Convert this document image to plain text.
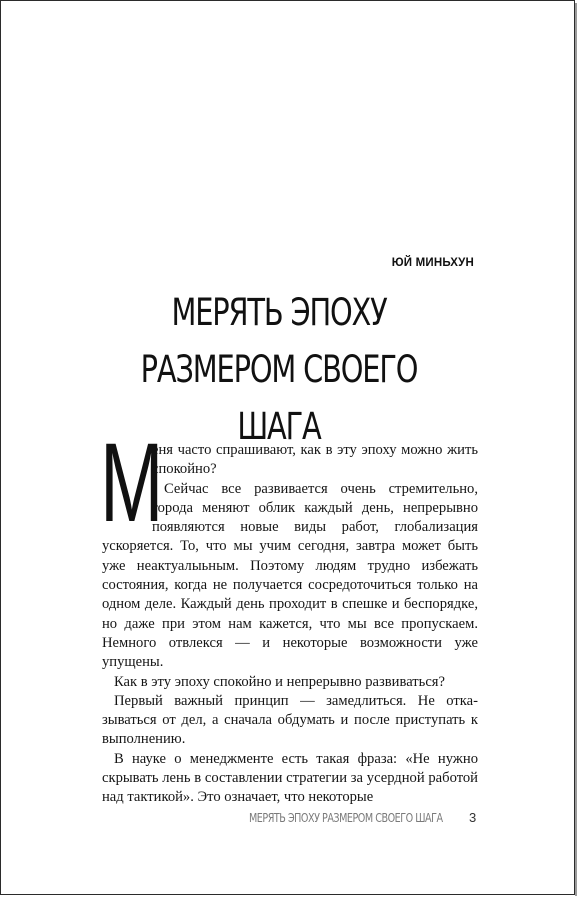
ЮЙ МИНЬХУН
МЕРЯТЬ ЭПОХУ РАЗМЕРОМ СВОЕГО ШАГА

М
еня часто спрашивают, как в эту эпоху можно жить спокойно?

Сейчас все развивается очень стремительно, города меняют облик каждый день, непрерывно появляются новые виды работ, глобализация ускоряется. То, что мы учим сегодня, завтра может быть уже неактуалыьным. Поэтому людям трудно избежать состояния, когда не получается сосредоточиться только на одном деле. Каждый день проходит в спешке и беспорядке, но даже при этом нам кажется, что мы все пропускаем. Немного отвлекся — и некоторые возможности уже упущены.

Как в эту эпоху спокойно и непрерывно развиваться?

Первый важный принцип — замедлиться. Не отказываться от дел, а сначала обдумать и после приступать к выполнению.

В науке о менеджменте есть такая фраза: «Не нужно скрывать лень в составлении стратегии за усердной работой над тактикой». Это означает, что некоторые

МЕРЯТЬ ЭПОХУ РАЗМЕРОМ СВОЕГО ШАГА 3
